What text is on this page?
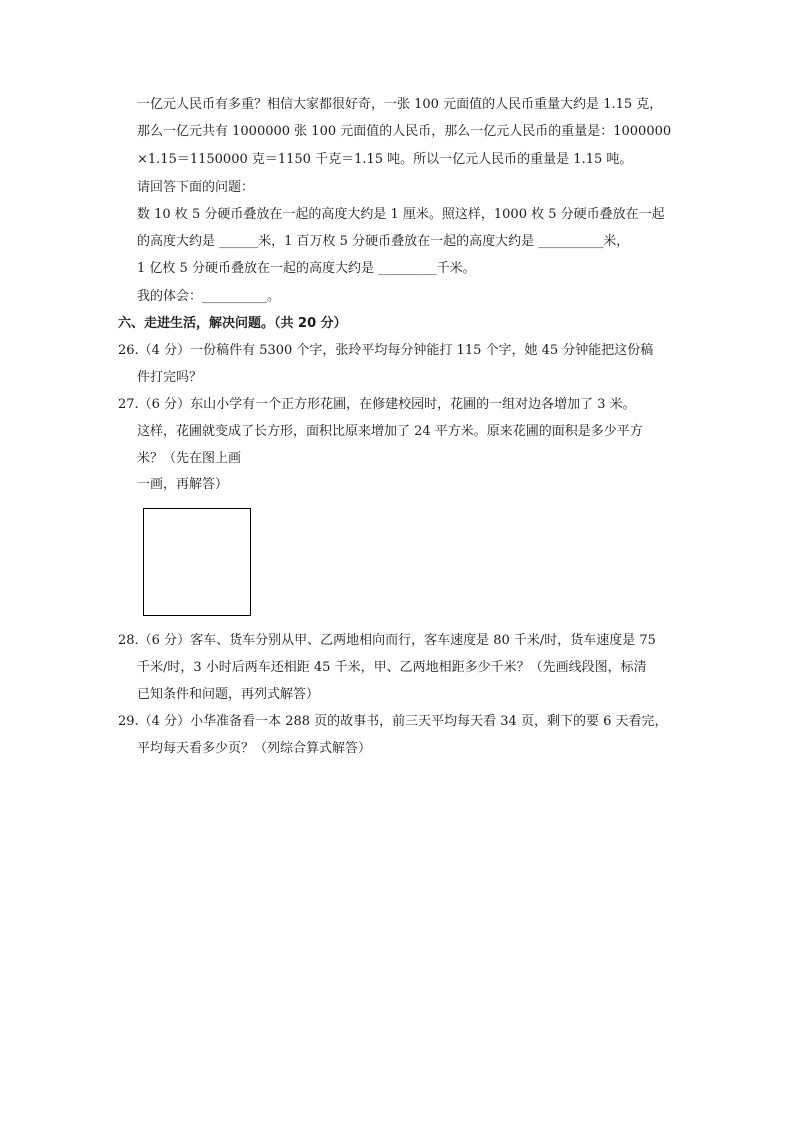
一亿元人民币有多重？相信大家都很好奇，一张 100 元面值的人民币重量大约是 1.15 克，
那么一亿元共有 1000000 张 100 元面值的人民币，那么一亿元人民币的重量是：1000000
×1.15＝1150000 克＝1150 千克＝1.15 吨。所以一亿元人民币的重量是 1.15 吨。
请回答下面的问题：
数 10 枚 5 分硬币叠放在一起的高度大约是 1 厘米。照这样，1000 枚 5 分硬币叠放在一起
的高度大约是 ______米，1 百万枚 5 分硬币叠放在一起的高度大约是 __________米，
1 亿枚 5 分硬币叠放在一起的高度大约是 _________千米。
我的体会：__________。
六、走进生活，解决问题。（共 20 分）
26.（4 分）一份稿件有 5300 个字，张玲平均每分钟能打 115 个字，她 45 分钟能把这份稿
件打完吗？
27.（6 分）东山小学有一个正方形花圃，在修建校园时，花圃的一组对边各增加了 3 米。
这样，花圃就变成了长方形，面积比原来增加了 24 平方米。原来花圃的面积是多少平方
米？（先在图上画
一画，再解答）
28.（6 分）客车、货车分别从甲、乙两地相向而行，客车速度是 80 千米/时，货车速度是 75
千米/时，3 小时后两车还相距 45 千米，甲、乙两地相距多少千米？（先画线段图，标清
已知条件和问题，再列式解答）
29.（4 分）小华准备看一本 288 页的故事书，前三天平均每天看 34 页，剩下的要 6 天看完，
平均每天看多少页？（列综合算式解答）
